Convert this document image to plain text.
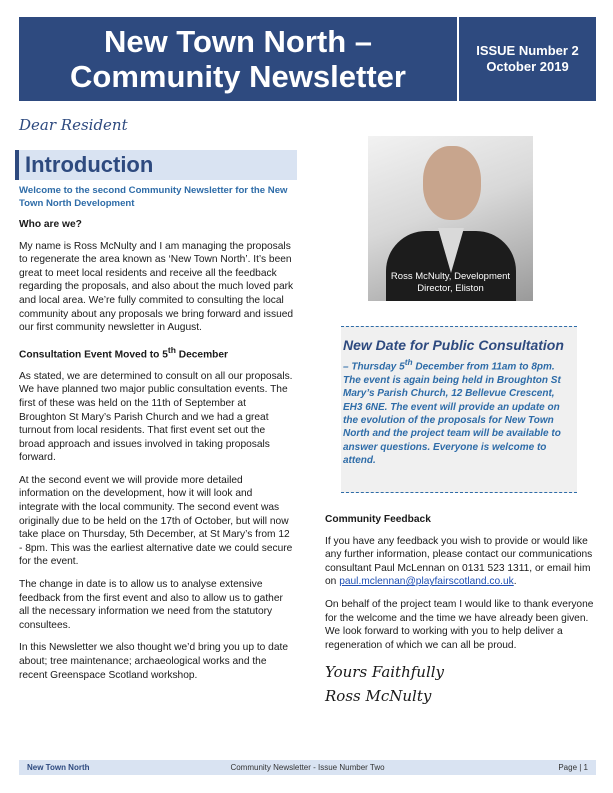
New Town North –
Community Newsletter
ISSUE Number 2
October 2019
Dear Resident
Introduction
Welcome to the second Community Newsletter for the New Town North Development
Who are we?
My name is Ross McNulty and I am managing the proposals to regenerate the area known as ‘New Town North’. It’s been great to meet local residents and receive all the feedback regarding the proposals, and also about the much loved park and local area. We’re fully commited to consulting the local community about any proposals we bring forward and issued our first community newsletter in August.
Consultation Event Moved to 5th December
As stated, we are determined to consult on all our proposals. We have planned two major public consultation events. The first of these was held on the 11th of September at Broughton St Mary’s Parish Church and we had a great turnout from local residents. That first event set out the broad approach and issues involved in taking proposals forward.
At the second event we will provide more detailed information on the development, how it will look and integrate with the local community. The second event was originally due to be held on the 17th of October, but will now take place on Thursday, 5th December, at St Mary’s from 12 - 8pm. This was the earliest alternative date we could secure for the event.
The change in date is to allow us to analyse extensive feedback from the first event and also to allow us to gather all the necessary information we need from the statutory consultees.
In this Newsletter we also thought we’d bring you up to date about; tree maintenance; archaeological works and the recent Greenspace Scotland workshop.
Ross McNulty, Development
Director, Eliston
New Date for Public Consultation
– Thursday 5th December from 11am to 8pm. The event is again being held in Broughton St Mary’s Parish Church, 12 Bellevue Crescent, EH3 6NE. The event will provide an update on the evolution of the proposals for New Town North and the project team will be available to answer questions. Everyone is welcome to attend.
Community Feedback
If you have any feedback you wish to provide or would like any further information, please contact our communications consultant Paul McLennan on 0131 523 1311, or email him on paul.mclennan@playfairscotland.co.uk.
On behalf of the project team I would like to thank everyone for the welcome and the time we have already been given. We look forward to working with you to help deliver a regeneration of which we can all be proud.
Yours Faithfully
Ross McNulty
Community Newsletter - Issue Number Two
New Town North	Page | 1
